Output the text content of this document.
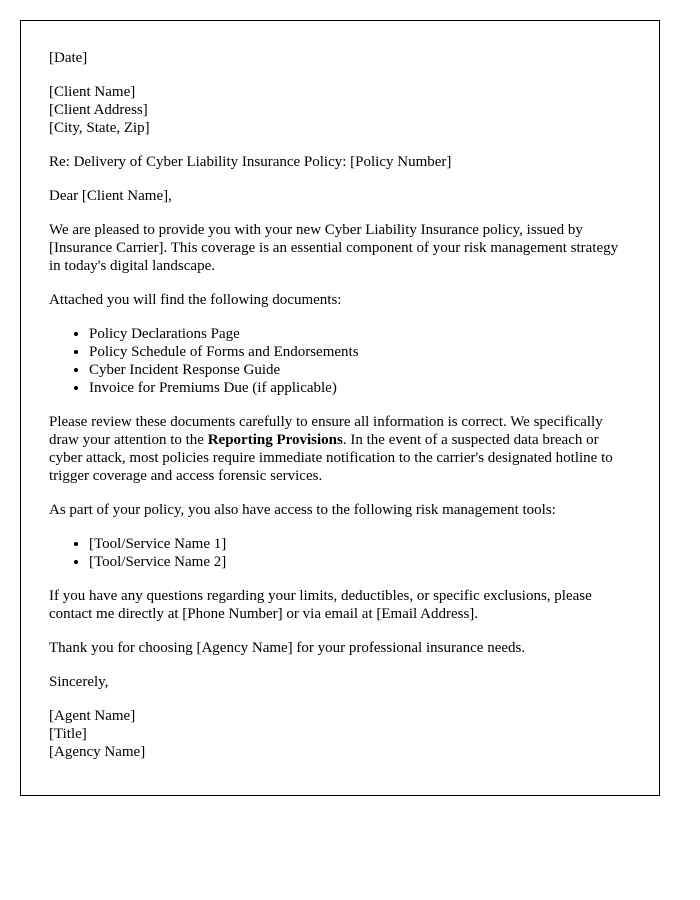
[Date]

[Client Name]
[Client Address]
[City, State, Zip]

Re: Delivery of Cyber Liability Insurance Policy: [Policy Number]

Dear [Client Name],

We are pleased to provide you with your new Cyber Liability Insurance policy, issued by [Insurance Carrier]. This coverage is an essential component of your risk management strategy in today's digital landscape.

Attached you will find the following documents:

• Policy Declarations Page
• Policy Schedule of Forms and Endorsements
• Cyber Incident Response Guide
• Invoice for Premiums Due (if applicable)

Please review these documents carefully to ensure all information is correct. We specifically draw your attention to the Reporting Provisions. In the event of a suspected data breach or cyber attack, most policies require immediate notification to the carrier's designated hotline to trigger coverage and access forensic services.

As part of your policy, you also have access to the following risk management tools:

• [Tool/Service Name 1]
• [Tool/Service Name 2]

If you have any questions regarding your limits, deductibles, or specific exclusions, please contact me directly at [Phone Number] or via email at [Email Address].

Thank you for choosing [Agency Name] for your professional insurance needs.

Sincerely,

[Agent Name]
[Title]
[Agency Name]
